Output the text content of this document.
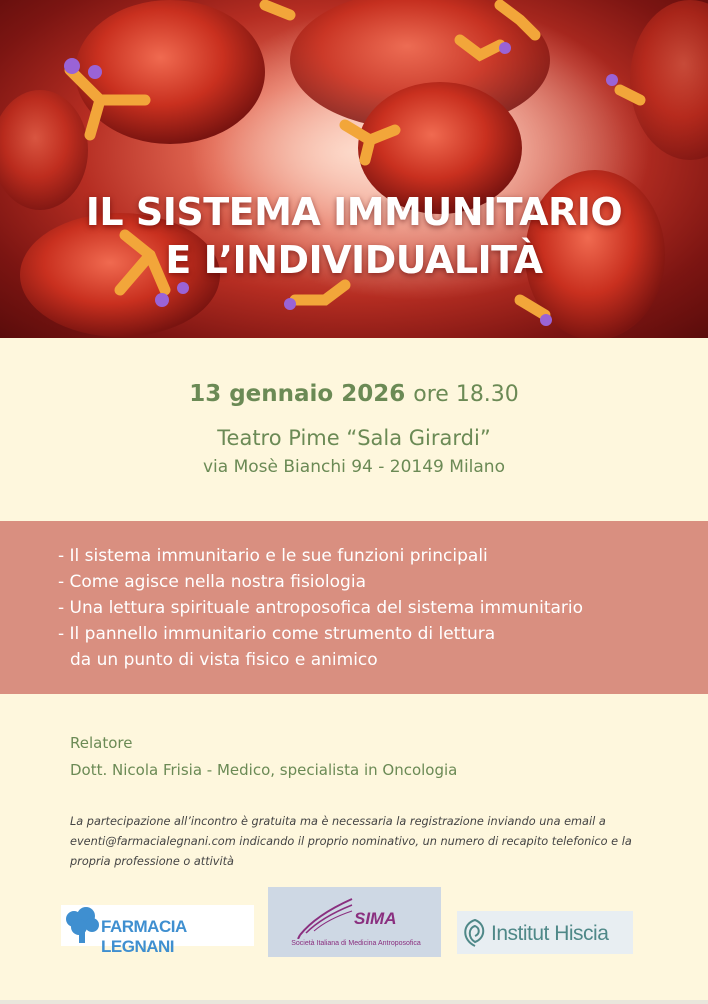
IL SISTEMA IMMUNITARIO
E L’INDIVIDUALITÀ
13 gennaio 2026 ore 18.30
Teatro Pime “Sala Girardi”
via Mosè Bianchi 94 - 20149 Milano
- Il sistema immunitario e le sue funzioni principali
- Come agisce nella nostra fisiologia
- Una lettura spirituale antroposofica del sistema immunitario
- Il pannello immunitario come strumento di lettura
da un punto di vista fisico e animico
Relatore
Dott. Nicola Frisia - Medico, specialista in Oncologia
La partecipazione all’incontro è gratuita ma è necessaria la registrazione inviando una email a eventi@farmacialegnani.com indicando il proprio nominativo, un numero di recapito telefonico e la propria professione o attività
FARMACIA LEGNANI
SIMA
Società Italiana di Medicina Antroposofica	Institut Hiscia
